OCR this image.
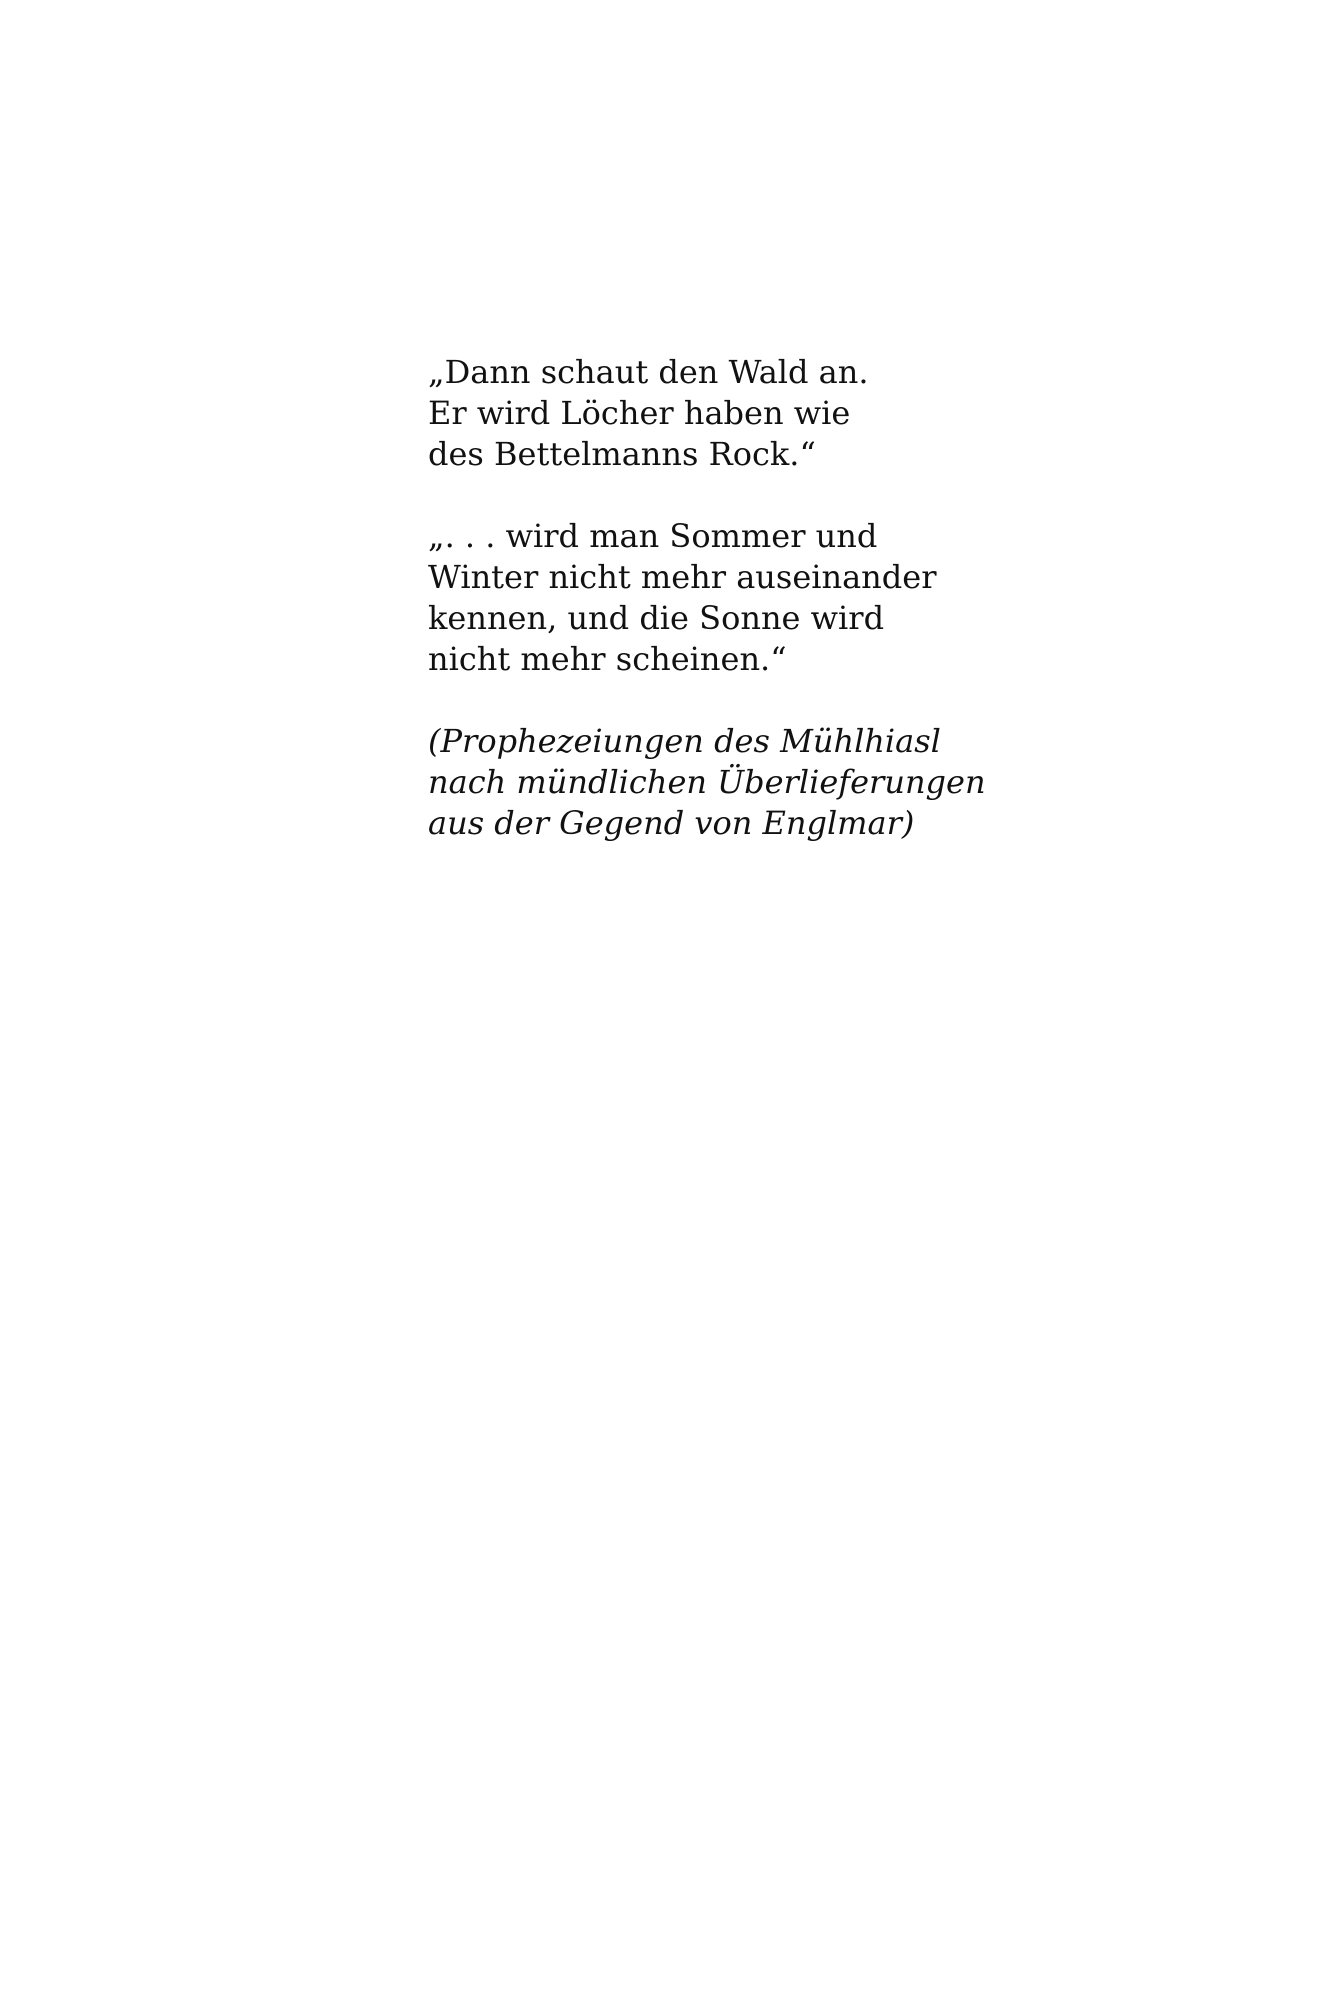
„Dann schaut den Wald an.
Er wird Löcher haben wie
des Bettelmanns Rock.“
„. . . wird man Sommer und
Winter nicht mehr auseinander
kennen, und die Sonne wird
nicht mehr scheinen.“
(Prophezeiungen des Mühlhiasl
nach mündlichen Überlieferungen
aus der Gegend von Englmar)
